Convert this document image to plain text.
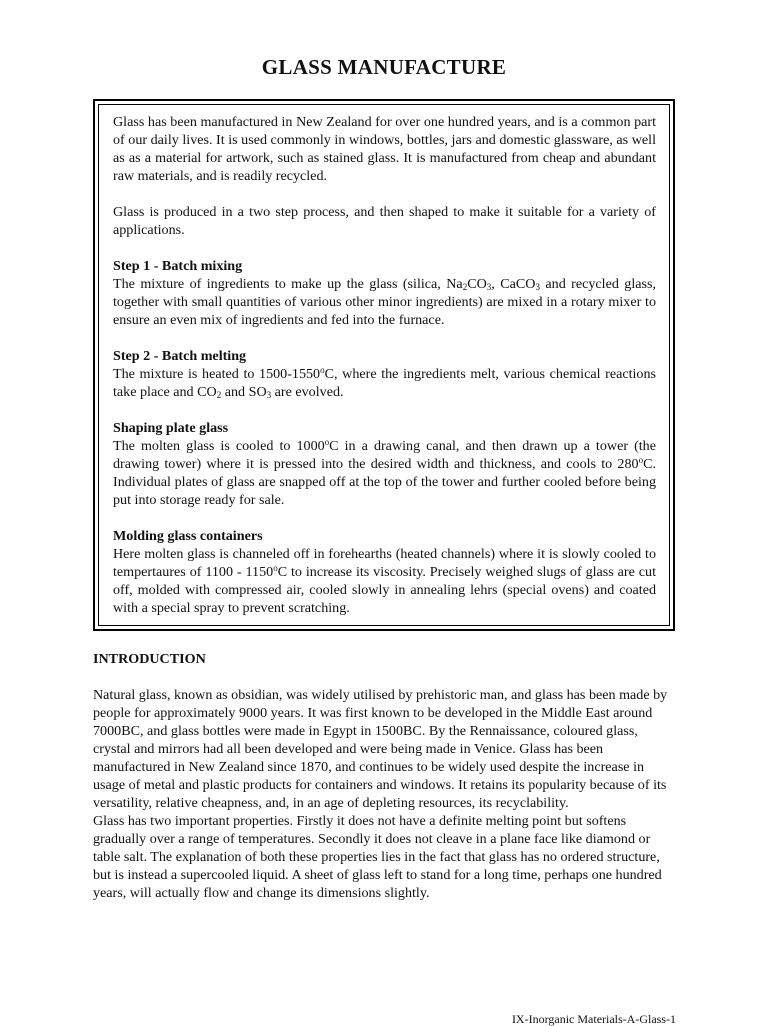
GLASS MANUFACTURE

Glass has been manufactured in New Zealand for over one hundred years, and is a common part of our daily lives. It is used commonly in windows, bottles, jars and domestic glassware, as well as as a material for artwork, such as stained glass. It is manufactured from cheap and abundant raw materials, and is readily recycled.

Glass is produced in a two step process, and then shaped to make it suitable for a variety of applications.

Step 1 - Batch mixing

The mixture of ingredients to make up the glass (silica, $Na_2CO_3$, CaCO$_3$ and recycled glass, together with small quantities of various other minor ingredients) are mixed in a rotary mixer to ensure an even mix of ingredients and fed into the furnace.

Step 2 - Batch melting

The mixture is heated to 1500-1550$^o$C, where the ingredients melt, various chemical reactions take place and $CO_2$ and $SO_3$ are evolved.

Shaping plate glass

The molten glass is cooled to 1000$^o$C in a drawing canal, and then drawn up a tower (the drawing tower) where it is pressed into the desired width and thickness, and cools to 280$^o$C. Individual plates of glass are snapped off at the top of the tower and further cooled before being put into storage ready for sale.

Molding glass containers

Here molten glass is channeled off in forehearths (heated channels) where it is slowly cooled to tempertaures of 1100 - 1150$^o$C to increase its viscosity. Precisely weighed slugs of glass are cut off, molded with compressed air, cooled slowly in annealing lehrs (special ovens) and coated with a special spray to prevent scratching.

INTRODUCTION

Natural glass, known as obsidian, was widely utilised by prehistoric man, and glass has been made by people for approximately 9000 years. It was first known to be developed in the Middle East around 7000BC, and glass bottles were made in Egypt in 1500BC. By the Rennaissance, coloured glass, crystal and mirrors had all been developed and were being made in Venice. Glass has been manufactured in New Zealand since 1870, and continues to be widely used despite the increase in usage of metal and plastic products for containers and windows. It retains its popularity because of its versatility, relative cheapness, and, in an age of depleting resources, its recyclability.

Glass has two important properties. Firstly it does not have a definite melting point but softens gradually over a range of temperatures. Secondly it does not cleave in a plane face like diamond or table salt. The explanation of both these properties lies in the fact that glass has no ordered structure, but is instead a supercooled liquid. A sheet of glass left to stand for a long time, perhaps one hundred years, will actually flow and change its dimensions slightly.

IX-Inorganic Materials-A-Glass-1
